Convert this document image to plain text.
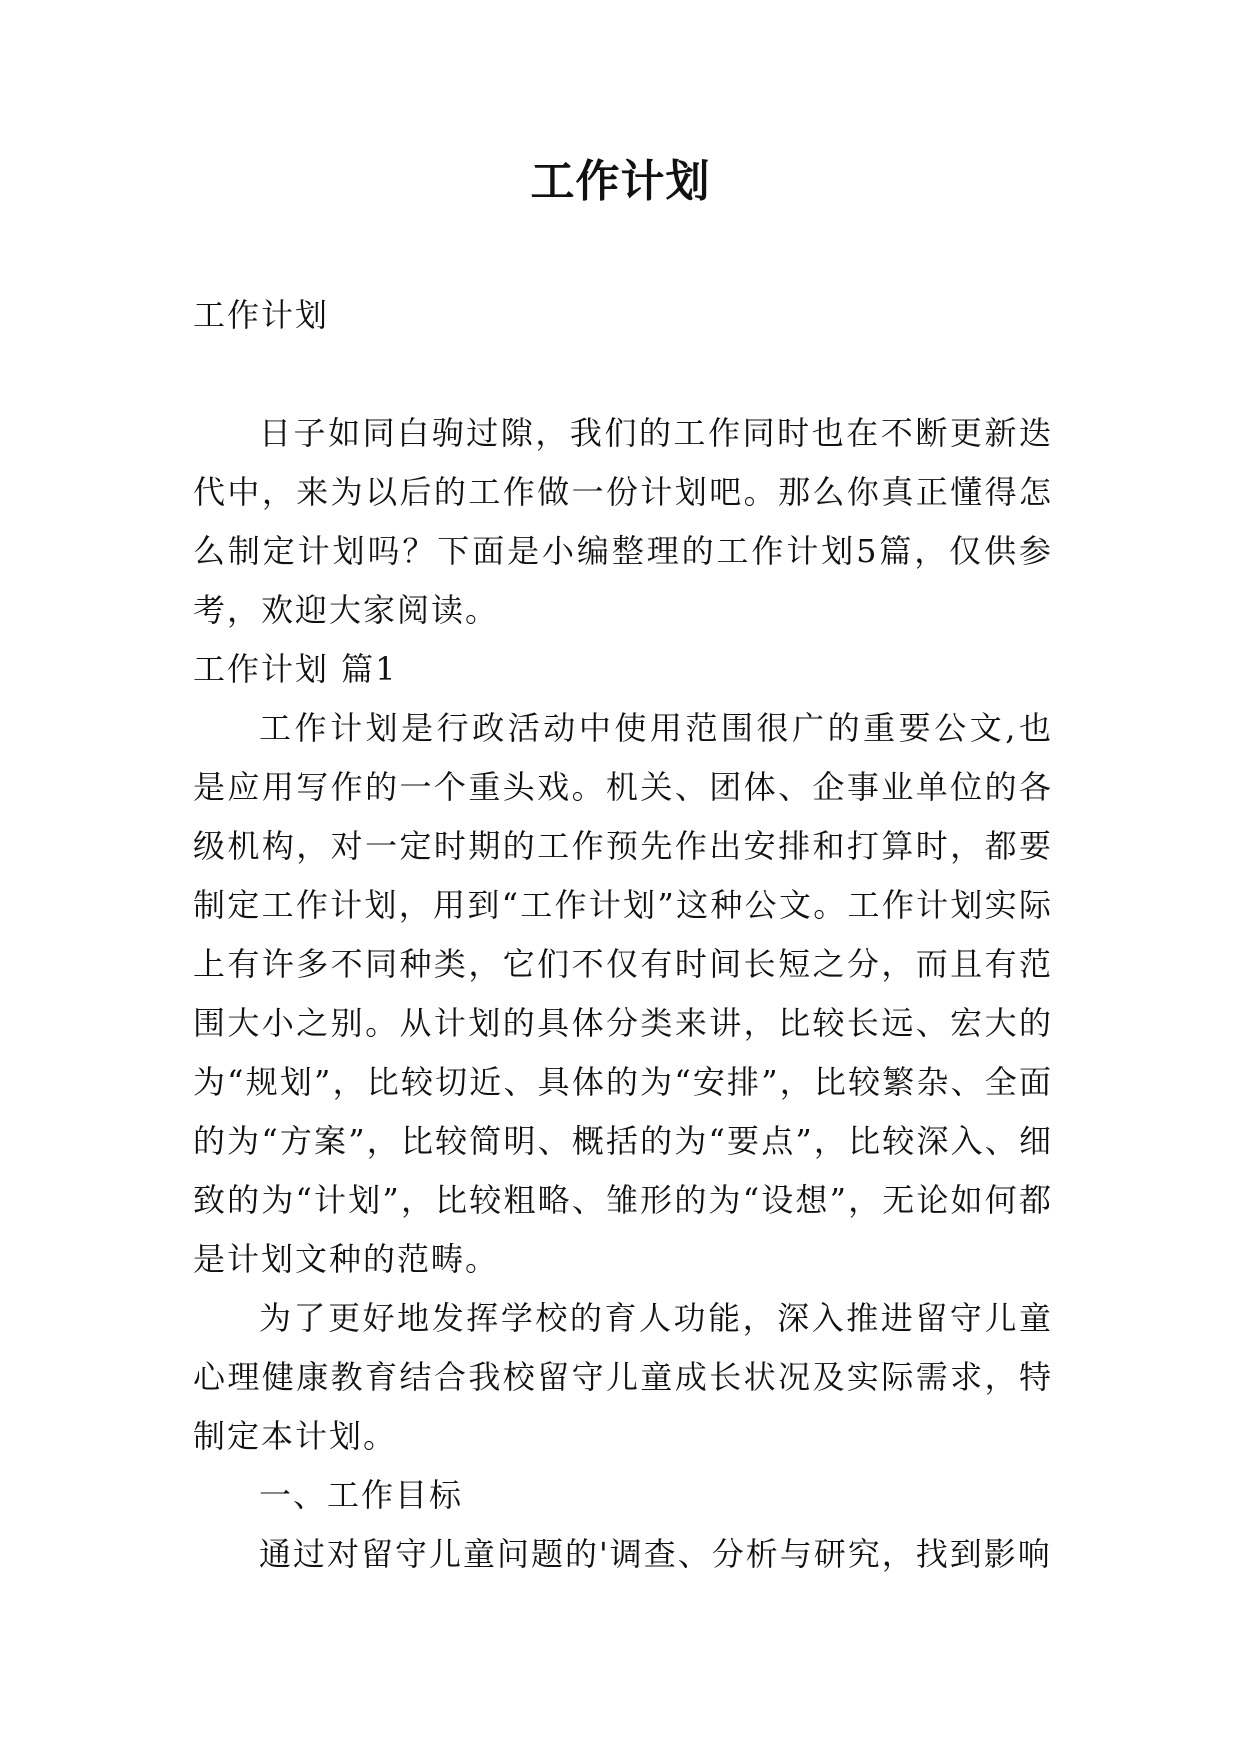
工作计划

工作计划

日子如同白驹过隙，我们的工作同时也在不断更新迭代中，来为以后的工作做一份计划吧。那么你真正懂得怎么制定计划吗？下面是小编整理的工作计划5篇，仅供参考，欢迎大家阅读。

工作计划 篇1

工作计划是行政活动中使用范围很广的重要公文,也是应用写作的一个重头戏。机关、团体、企事业单位的各级机构，对一定时期的工作预先作出安排和打算时，都要制定工作计划，用到“工作计划”这种公文。工作计划实际上有许多不同种类，它们不仅有时间长短之分，而且有范围大小之别。从计划的具体分类来讲，比较长远、宏大的为“规划”，比较切近、具体的为“安排”，比较繁杂、全面的为“方案”，比较简明、概括的为“要点”，比较深入、细致的为“计划”，比较粗略、雏形的为“设想”，无论如何都是计划文种的范畴。

为了更好地发挥学校的育人功能，深入推进留守儿童心理健康教育结合我校留守儿童成长状况及实际需求，特制定本计划。

一、工作目标

通过对留守儿童问题的'调查、分析与研究，找到影响
